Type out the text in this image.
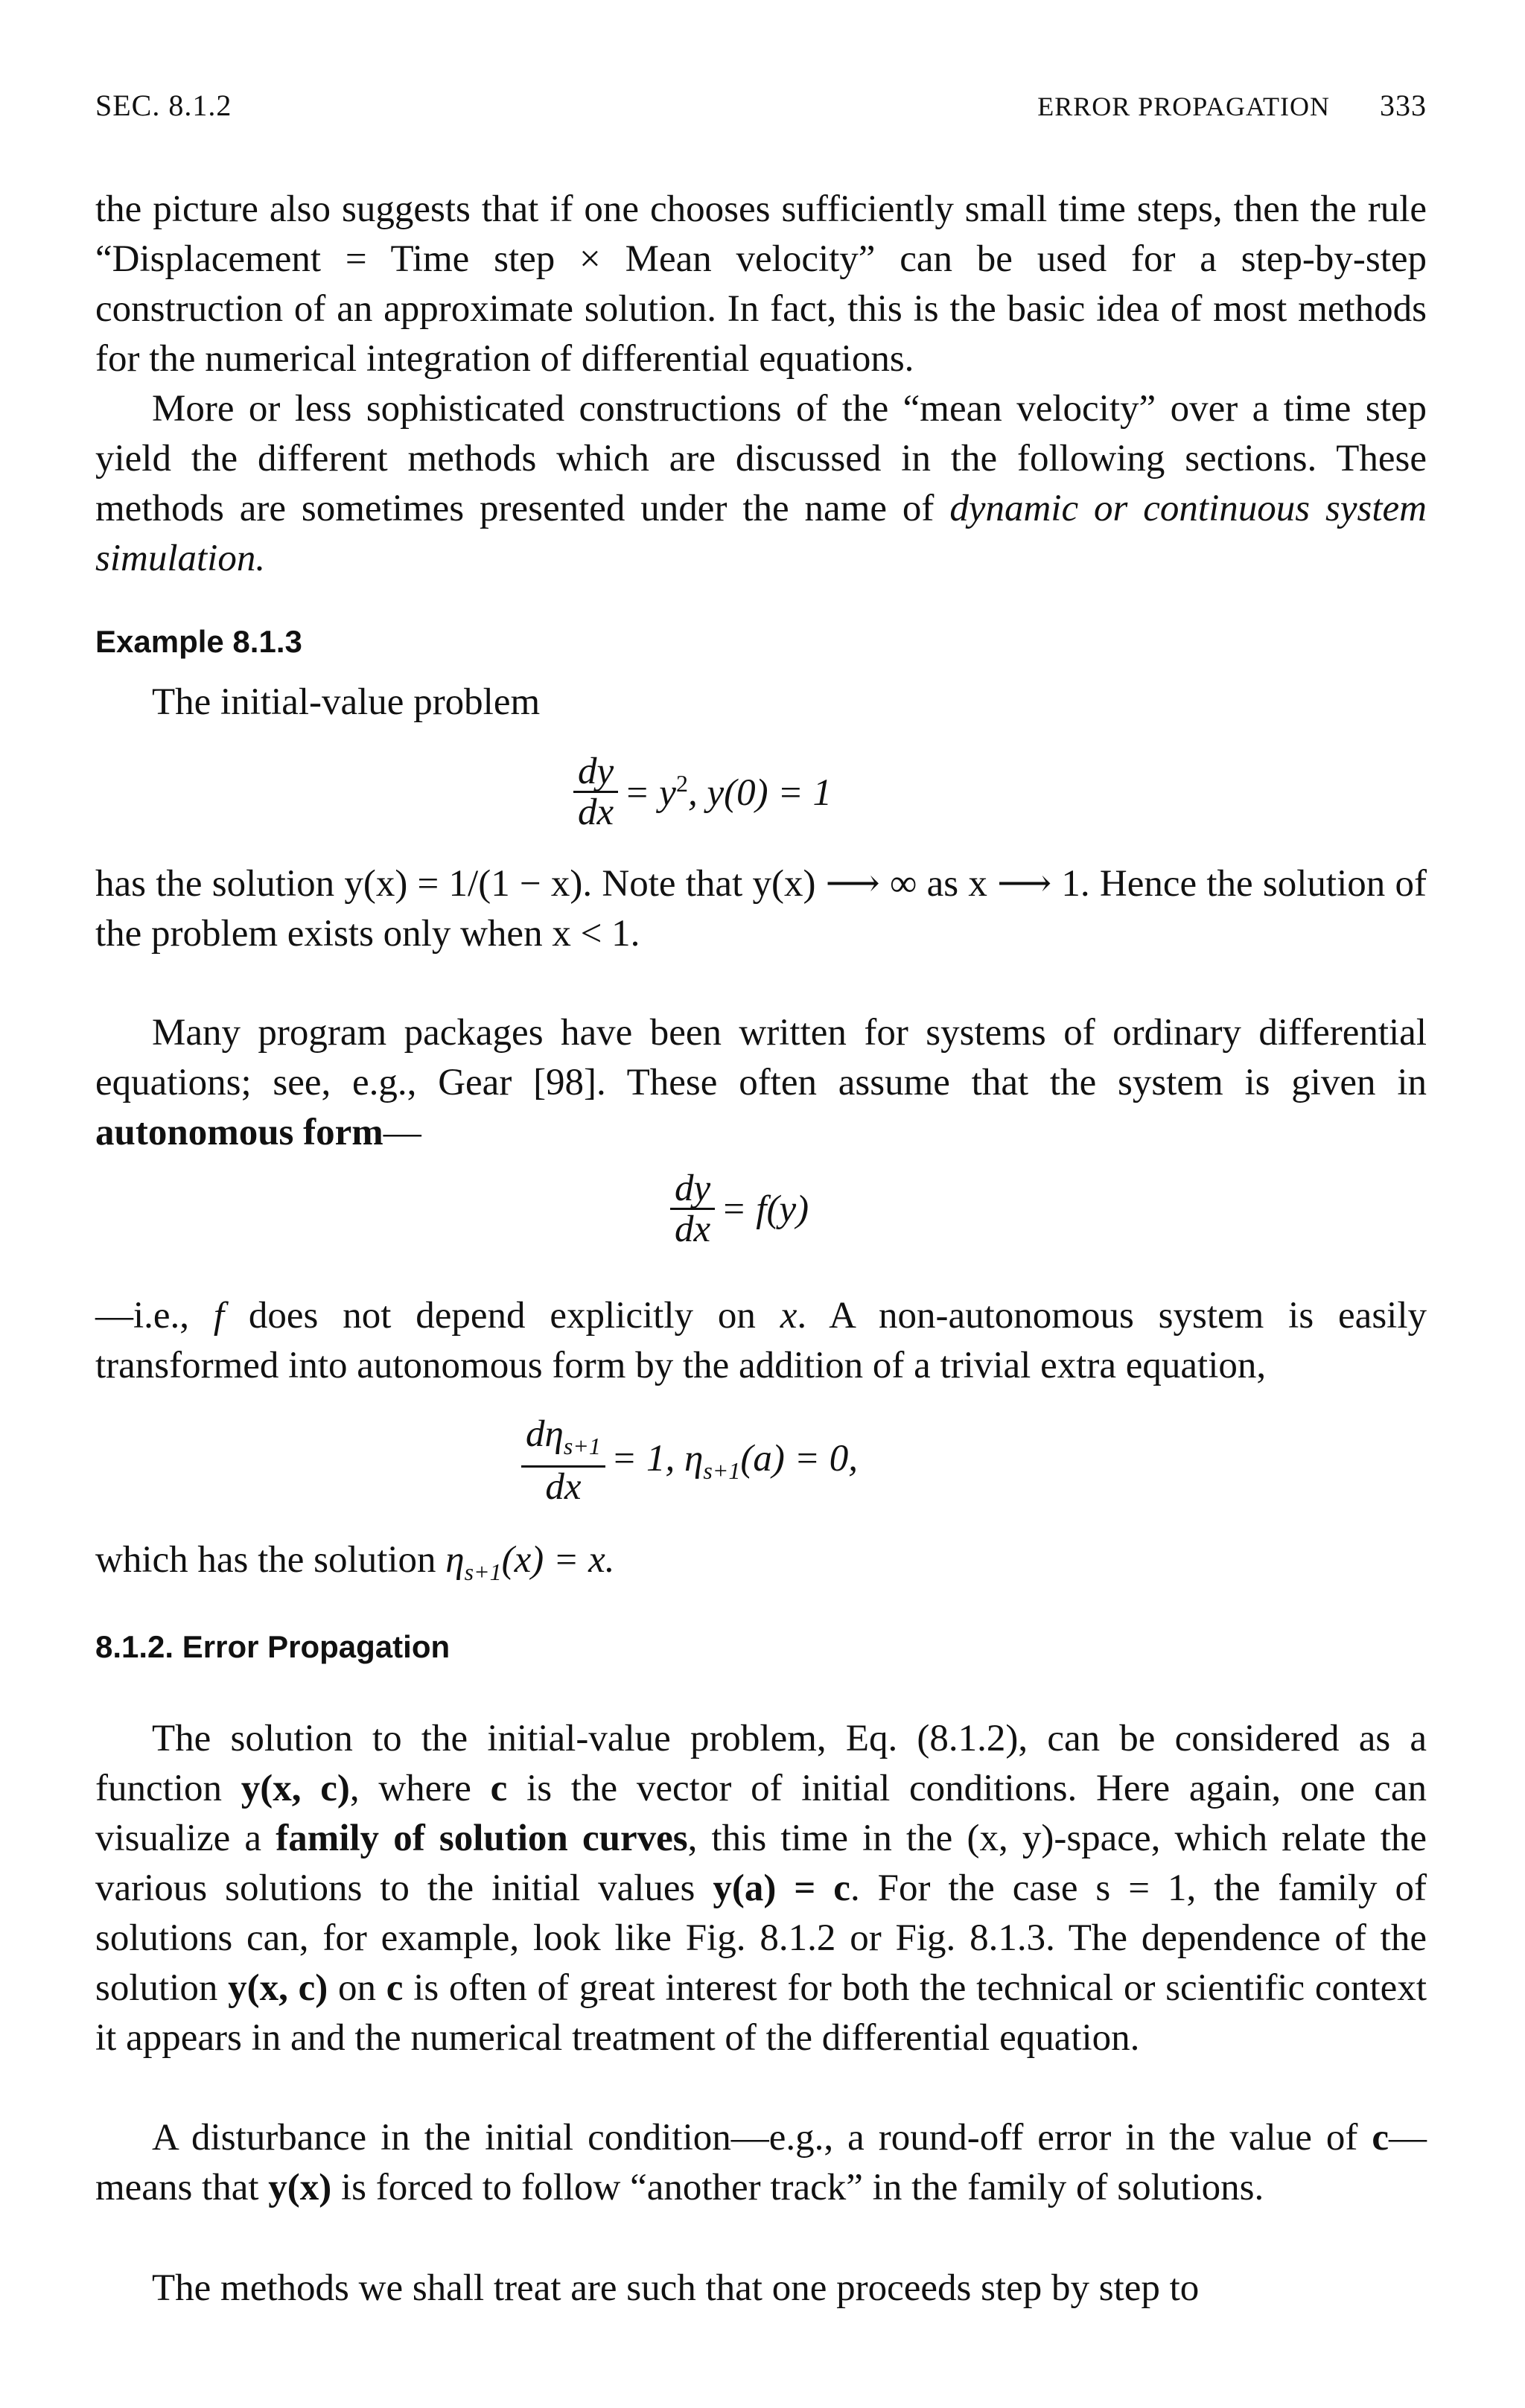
SEC. 8.1.2	ERROR PROPAGATION 333
the picture also suggests that if one chooses sufficiently small time steps, then the rule “Displacement = Time step × Mean velocity” can be used for a step-by-step construction of an approximate solution. In fact, this is the basic idea of most methods for the numerical integration of differential equations.
More or less sophisticated constructions of the “mean velocity” over a time step yield the different methods which are discussed in the following sections. These methods are sometimes presented under the name of dynamic or continuous system simulation.
Example 8.1.3
The initial-value problem
$\frac{dy}{dx} = y^2$, y(0) = 1
has the solution y(x) = 1/(1 − x). Note that y(x) ⟶ ∞ as x ⟶ 1. Hence the solution of the problem exists only when x < 1.
Many program packages have been written for systems of ordinary differential equations; see, e.g., Gear [98]. These often assume that the system is given in autonomous form—
$\frac{dy}{dx} = f(y)$
—i.e., f does not depend explicitly on x. A non-autonomous system is easily transformed into autonomous form by the addition of a trivial extra equation,
$\frac{d\eta_{s+1}}{dx} = 1$, $\eta_{s+1}(a) = 0$,
which has the solution $\eta_{s+1}(x) = x$.
8.1.2. Error Propagation
The solution to the initial-value problem, Eq. (8.1.2), can be considered as a function y(x, c), where c is the vector of initial conditions. Here again, one can visualize a family of solution curves, this time in the (x, y)-space, which relate the various solutions to the initial values y(a) = c. For the case s = 1, the family of solutions can, for example, look like Fig. 8.1.2 or Fig. 8.1.3. The dependence of the solution y(x, c) on c is often of great interest for both the technical or scientific context it appears in and the numerical treatment of the differential equation.
A disturbance in the initial condition—e.g., a round-off error in the value of c—means that y(x) is forced to follow “another track” in the family of solutions.
The methods we shall treat are such that one proceeds step by step to
